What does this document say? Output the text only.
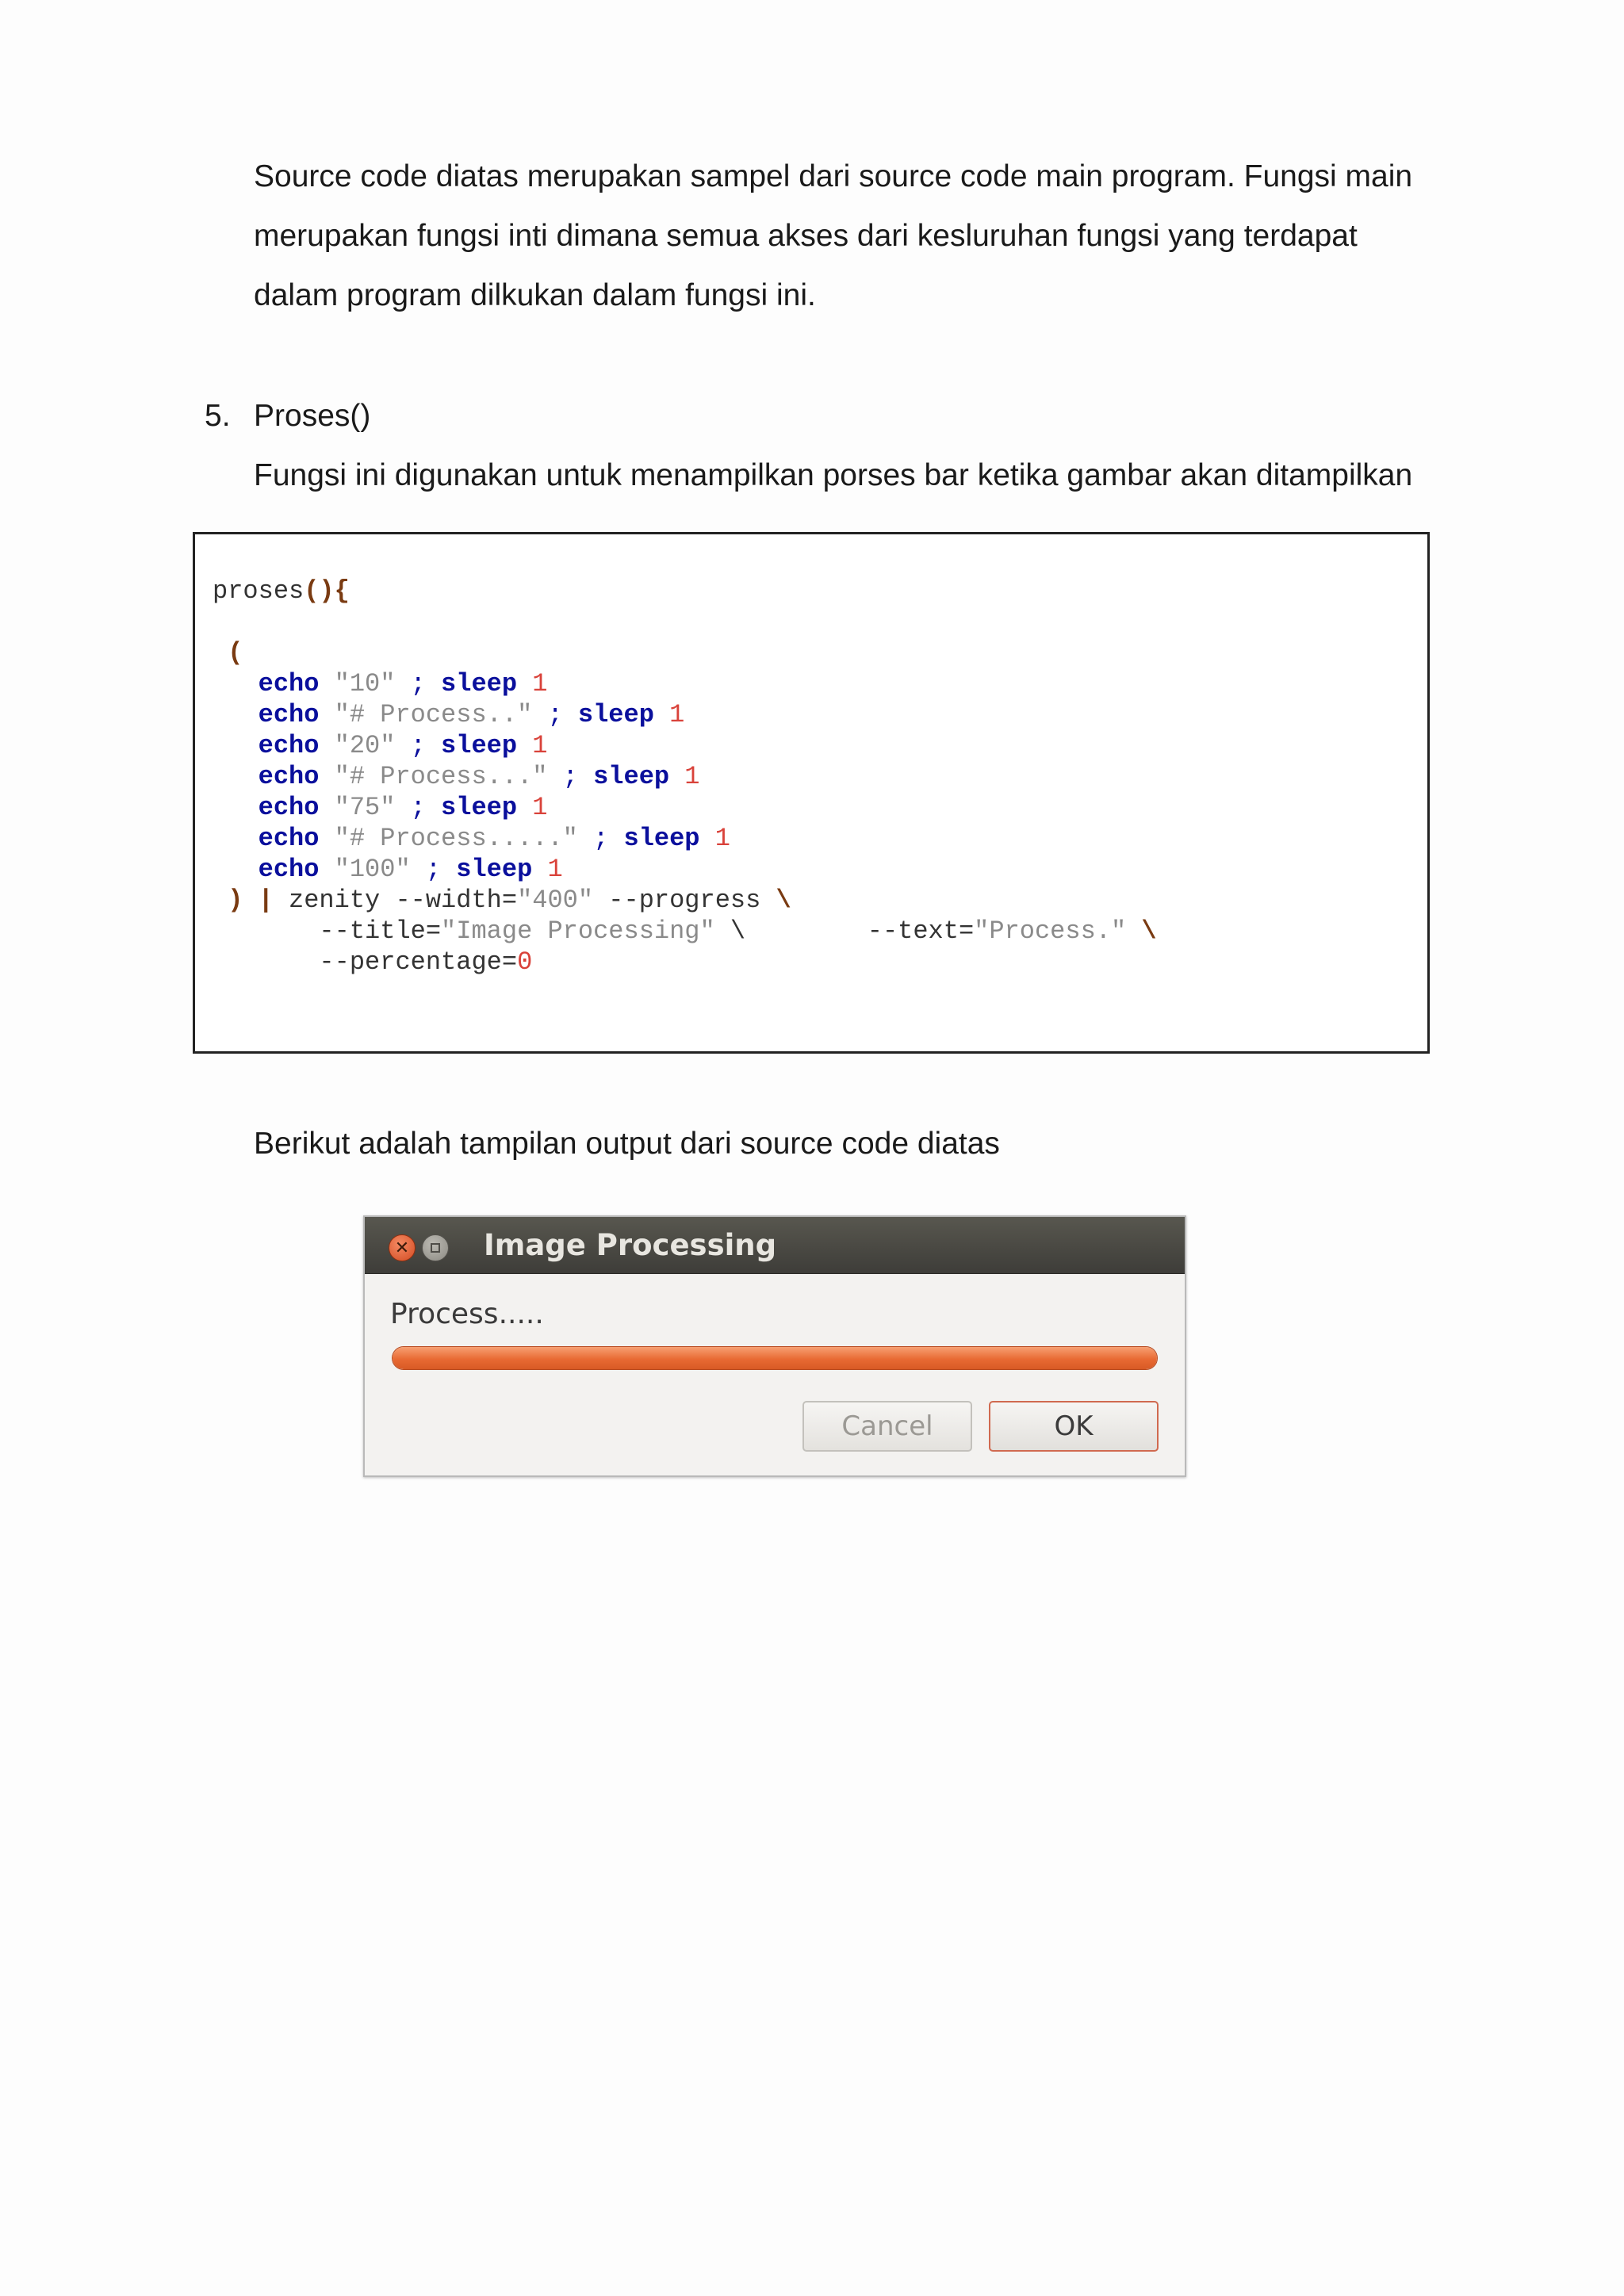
Source code diatas merupakan sampel dari source code main program. Fungsi main merupakan fungsi inti dimana semua akses dari kesluruhan fungsi yang terdapat dalam program dilkukan dalam fungsi ini.

5. Proses()

Fungsi ini digunakan untuk menampilkan porses bar ketika gambar akan ditampilkan

proses(){

(
echo "10" ; sleep 1
echo "# Process.." ; sleep 1
echo "20" ; sleep 1
echo "# Process..." ; sleep 1
echo "75" ; sleep 1
echo "# Process....." ; sleep 1
echo "100" ; sleep 1
) | zenity --width="400" --progress \
--title="Image Processing" \	--text="Process." \
--percentage=0

Berikut adalah tampilan output dari source code diatas

✕	Image Processing
Process.....
Cancel	OK
